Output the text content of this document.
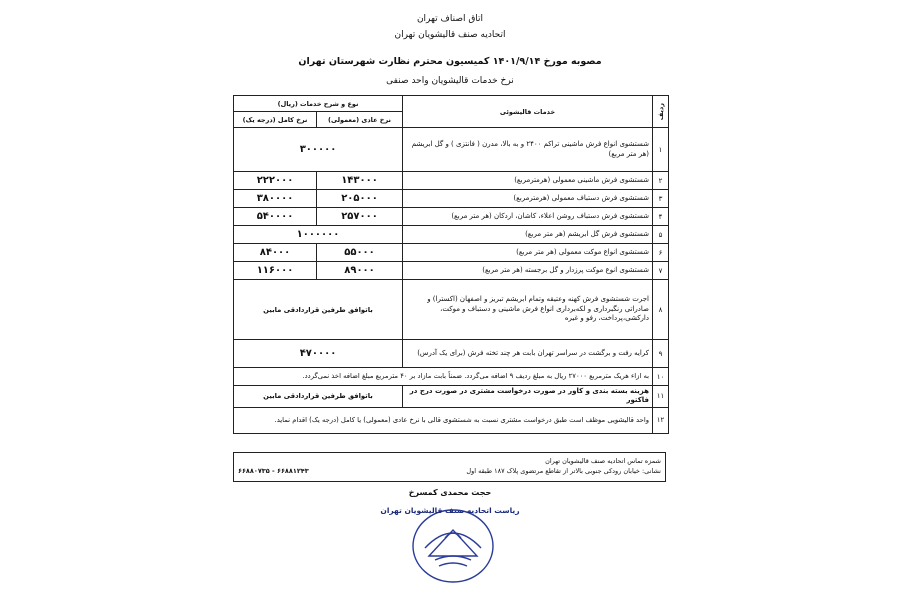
اتاق اصناف تهران
اتحادیه صنف قالیشویان تهران
مصوبه مورخ ۱۴۰۱/۹/۱۴ کمیسیون محترم نظارت شهرستان تهران
نرخ خدمات قالیشویان واحد صنفی
ردیف	خدمات قالیشوئی	نوع و شرح خدمات (ریال)	
		نرخ عادی (معمولی)	نرخ کامل (درجه یک)
۱	شستشوی انواع فرش ماشینی تراکم ۲۴۰۰ و به بالا، مدرن ( فانتزی ) و گل ابریشم (هر متر مربع)	۳۰۰۰۰۰	
۲	شستشوی فرش ماشینی معمولی (هرمترمربع)	۱۴۳۰۰۰	۲۲۲۰۰۰
۳	شستشوی فرش دستباف معمولی (هرمترمربع)	۲۰۵۰۰۰	۳۸۰۰۰۰
۴	شستشوی فرش دستباف روشن اعلاء، کاشان، اردکان (هر متر مربع)	۲۵۷۰۰۰	۵۴۰۰۰۰
۵	شستشوی فرش گل ابریشم (هر متر مربع)	۱۰۰۰۰۰۰	
۶	شستشوی انواع موکت معمولی (هر متر مربع)	۵۵۰۰۰	۸۴۰۰۰
۷	شستشوی انوع موکت پرزدار و گل برجسته (هر متر مربع)	۸۹۰۰۰	۱۱۶۰۰۰
۸	اجرت شستشوی فرش کهنه وعتیقه وتمام ابریشم تبریز و اصفهان (اکسترا) و صادراتی رنگبرداری و لکه‌برداری انواع فرش ماشینی و دستباف و موکت، دارکشی،پرداخت، رفو و غیره	باتوافق طرفین قراردادقی مابین	
۹	کرایه رفت و برگشت در سراسر تهران بابت هر چند تخته فرش (برای یک آدرس)	۴۷۰۰۰۰	
۱۰	به ازاء هریک مترمربع ۲۷۰۰۰ ریال به مبلغ ردیف ۹ اضافه می‌گردد. ضمناً بابت مازاد بر ۴۰ مترمربع مبلغ اضافه اخذ نمی‌گردد.		
۱۱	هزینه بسته بندی و کاور در صورت درخواست مشتری در صورت درج در فاکتور	باتوافق طرفین قراردادقی مابین	
۱۲	واحد قالیشویی موظف است طبق درخواست مشتری نسبت به شستشوی قالی با نرخ عادی (معمولی) یا کامل (درجه یک) اقدام نماید.		
شمزه تماس اتحادیه صنف قالیشویان تهران
نشانی: خیابان رودکی جنوبی بالاتر از تقاطع مرتضوی پلاک ۱۸۷ طبقه اول
۶۶۸۸۱۲۴۳ - ۶۶۸۸۰۷۳۵
حجت محمدی کمسرخ
ریاست اتحادیه صنف قالیشویان تهران
